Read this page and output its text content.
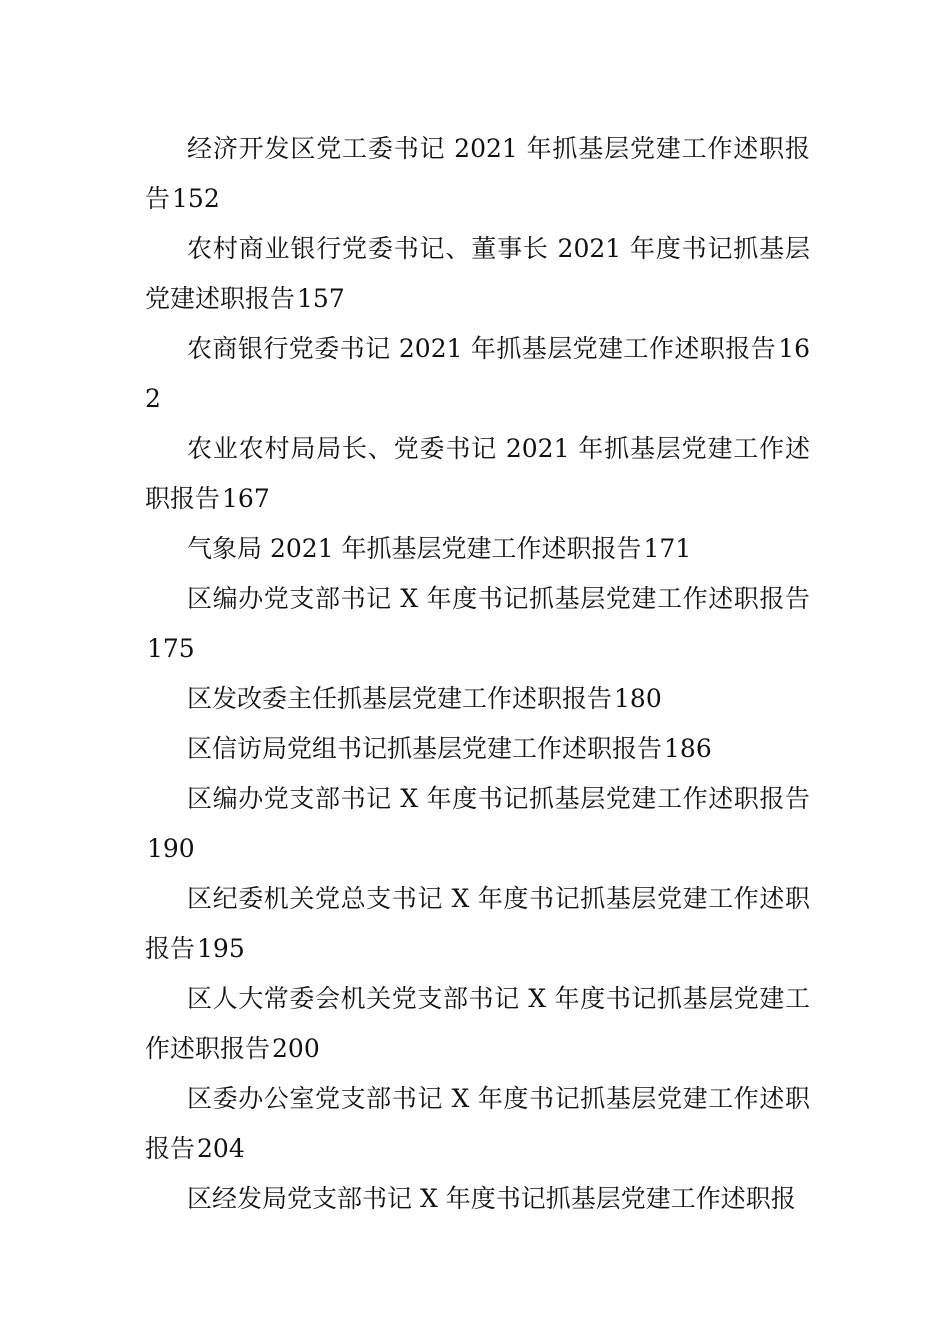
经济开发区党工委书记 2021 年抓基层党建工作述职报告152

农村商业银行党委书记、董事长 2021 年度书记抓基层党建述职报告157

农商银行党委书记 2021 年抓基层党建工作述职报告162

农业农村局局长、党委书记 2021 年抓基层党建工作述职报告167

气象局 2021 年抓基层党建工作述职报告171

区编办党支部书记 X 年度书记抓基层党建工作述职报告175

区发改委主任抓基层党建工作述职报告180

区信访局党组书记抓基层党建工作述职报告186

区编办党支部书记 X 年度书记抓基层党建工作述职报告190

区纪委机关党总支书记 X 年度书记抓基层党建工作述职报告195

区人大常委会机关党支部书记 X 年度书记抓基层党建工作述职报告200

区委办公室党支部书记 X 年度书记抓基层党建工作述职报告204

区经发局党支部书记 X 年度书记抓基层党建工作述职报
